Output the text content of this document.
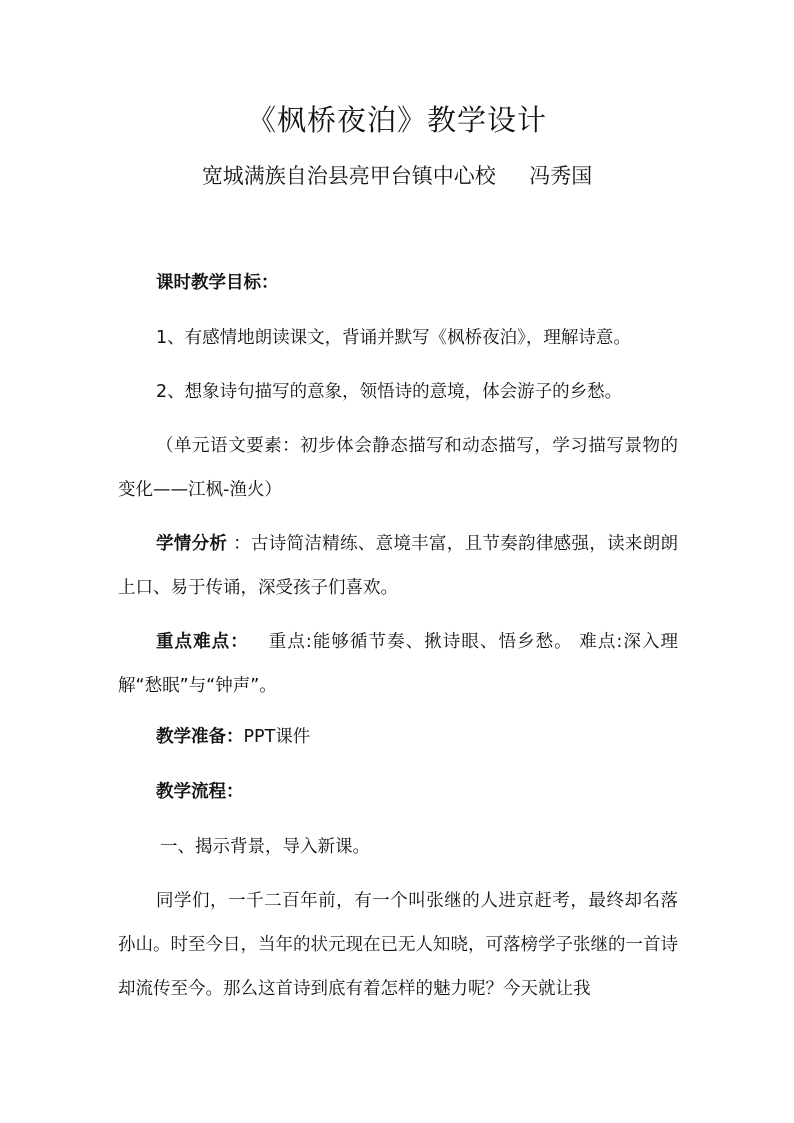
《枫桥夜泊》教学设计
宽城满族自治县亮甲台镇中心校     冯秀国
课时教学目标：
1、有感情地朗读课文，背诵并默写《枫桥夜泊》，理解诗意。
2、想象诗句描写的意象，领悟诗的意境，体会游子的乡愁。
（单元语文要素：初步体会静态描写和动态描写，学习描写景物的变化——江枫-渔火）
学情分析 ：古诗简洁精练、意境丰富，且节奏韵律感强，读来朗朗上口、易于传诵，深受孩子们喜欢。
重点难点： 重点:能够循节奏、揪诗眼、悟乡愁。 难点:深入理解“愁眠”与“钟声”。
教学准备：PPT课件
教学流程：
一、揭示背景，导入新课。
同学们，一千二百年前，有一个叫张继的人进京赶考，最终却名落孙山。时至今日，当年的状元现在已无人知晓，可落榜学子张继的一首诗却流传至今。那么这首诗到底有着怎样的魅力呢？今天就让我
